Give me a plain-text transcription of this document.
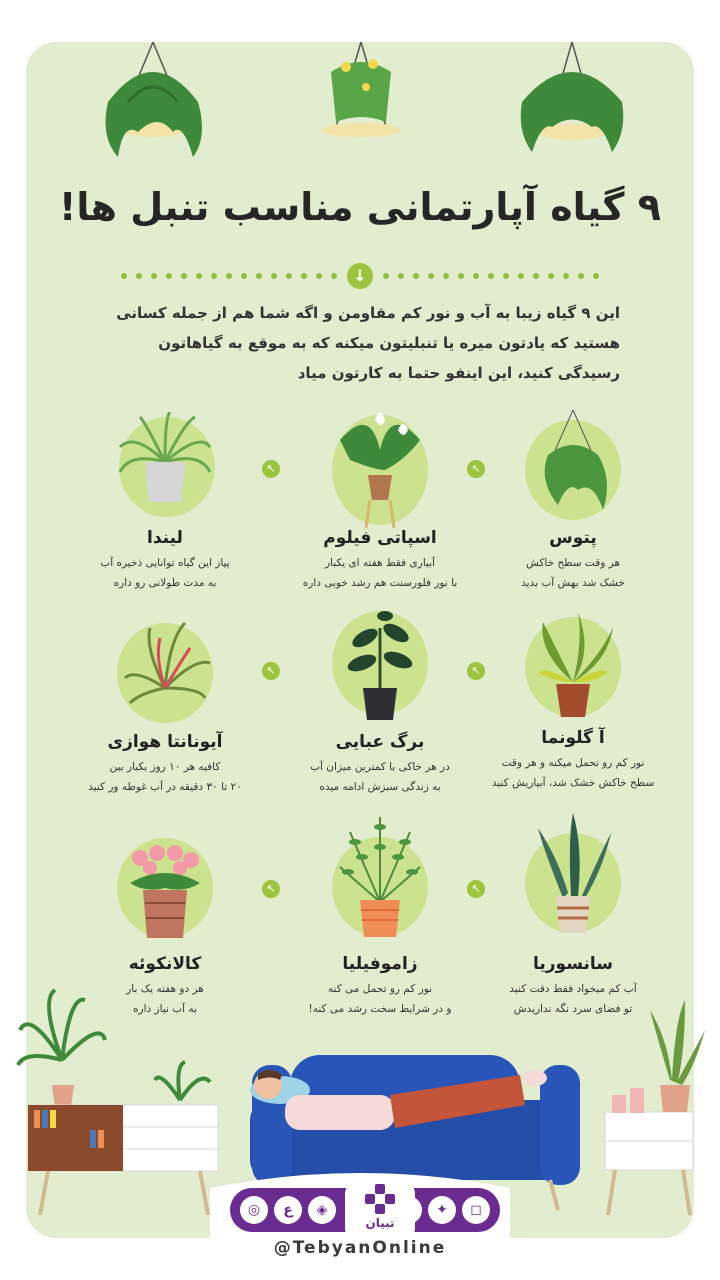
۹ گیاه آپارتمانی مناسب تنبل ها!
↓
این ۹ گیاه زیبا به آب و نور کم مقاومن و اگه شما هم از جمله کسانی هستید که یادتون میره یا تنبلیتون میکنه که به موقع به گیاهاتون رسیدگی کنید، این اینفو حتما به کارتون میاد
پتوس
هر وقت سطح خاکش
خشک شد بهش آب بدید
اسپاتی فیلوم
آبیاری فقط هفته ای یکبار
با نور فلورسنت هم رشد خوبی داره
لیندا
پیاز این گیاه توانایی ذخیره آب
به مدت طولانی رو داره
آ گلونما
نور کم رو تحمل میکنه و هر وقت
سطح خاکش خشک شد، آبیاریش کنید
برگ عبایی
در هر خاکی با کمترین میزان آب
به زندگی سبزش ادامه میده
آیونانتا هوازی
کافیه هر ۱۰ روز یکبار بین
۲۰ تا ۳۰ دقیقه در آب غوطه ور کنید
سانسوریا
آب کم میخواد فقط دقت کنید
تو فضای سرد نگه نداریدش
زاموفیلیا
نور کم رو تحمل می کنه
و در شرایط سخت رشد می کنه!
کالانکوئه
هر دو هفته یک بار
به آب نیاز داره
↖
↖
↖
↖
↖
↖
◎	ع	◈	✦	◻
تبیان
@TebyanOnline
